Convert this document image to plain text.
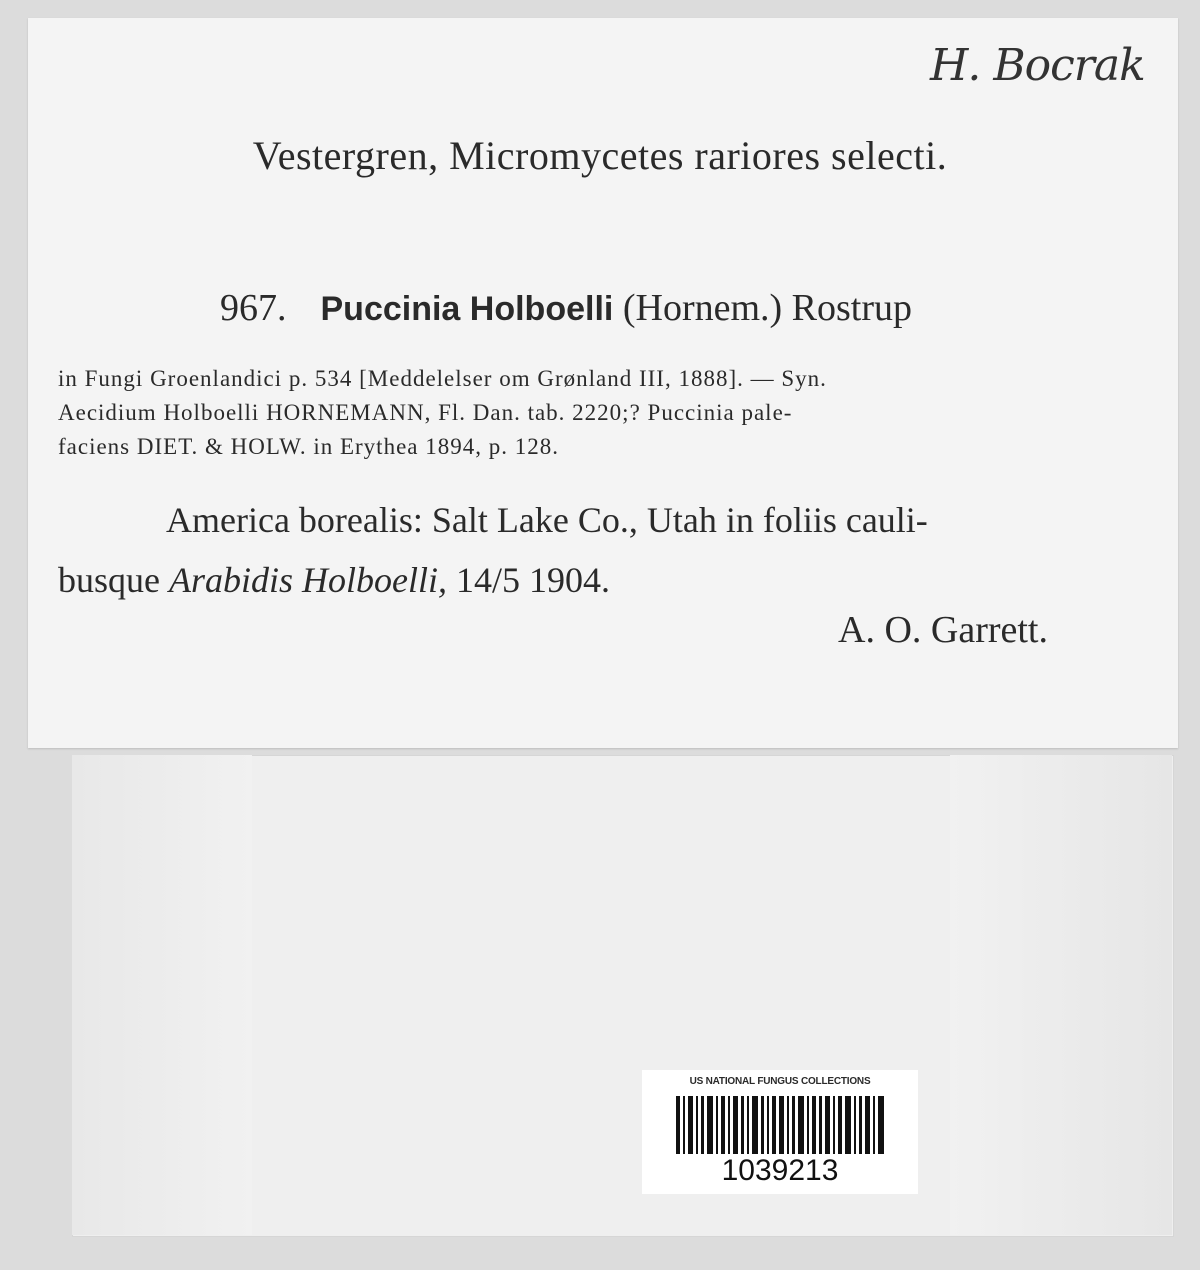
H. Bocrak
Vestergren, Micromycetes rariores selecti.
967. Puccinia Holboelli (Hornem.) Rostrup

in Fungi Groenlandici p. 534 [Meddelelser om Grønland III, 1888]. — Syn.

Aecidium Holboelli HORNEMANN, Fl. Dan. tab. 2220;? Puccinia pale-

faciens DIET. & HOLW. in Erythea 1894, p. 128.

America borealis: Salt Lake Co., Utah in foliis cauli-

busque Arabidis Holboelli, 14/5 1904.

A. O. Garrett.
US NATIONAL FUNGUS COLLECTIONS
1039213
